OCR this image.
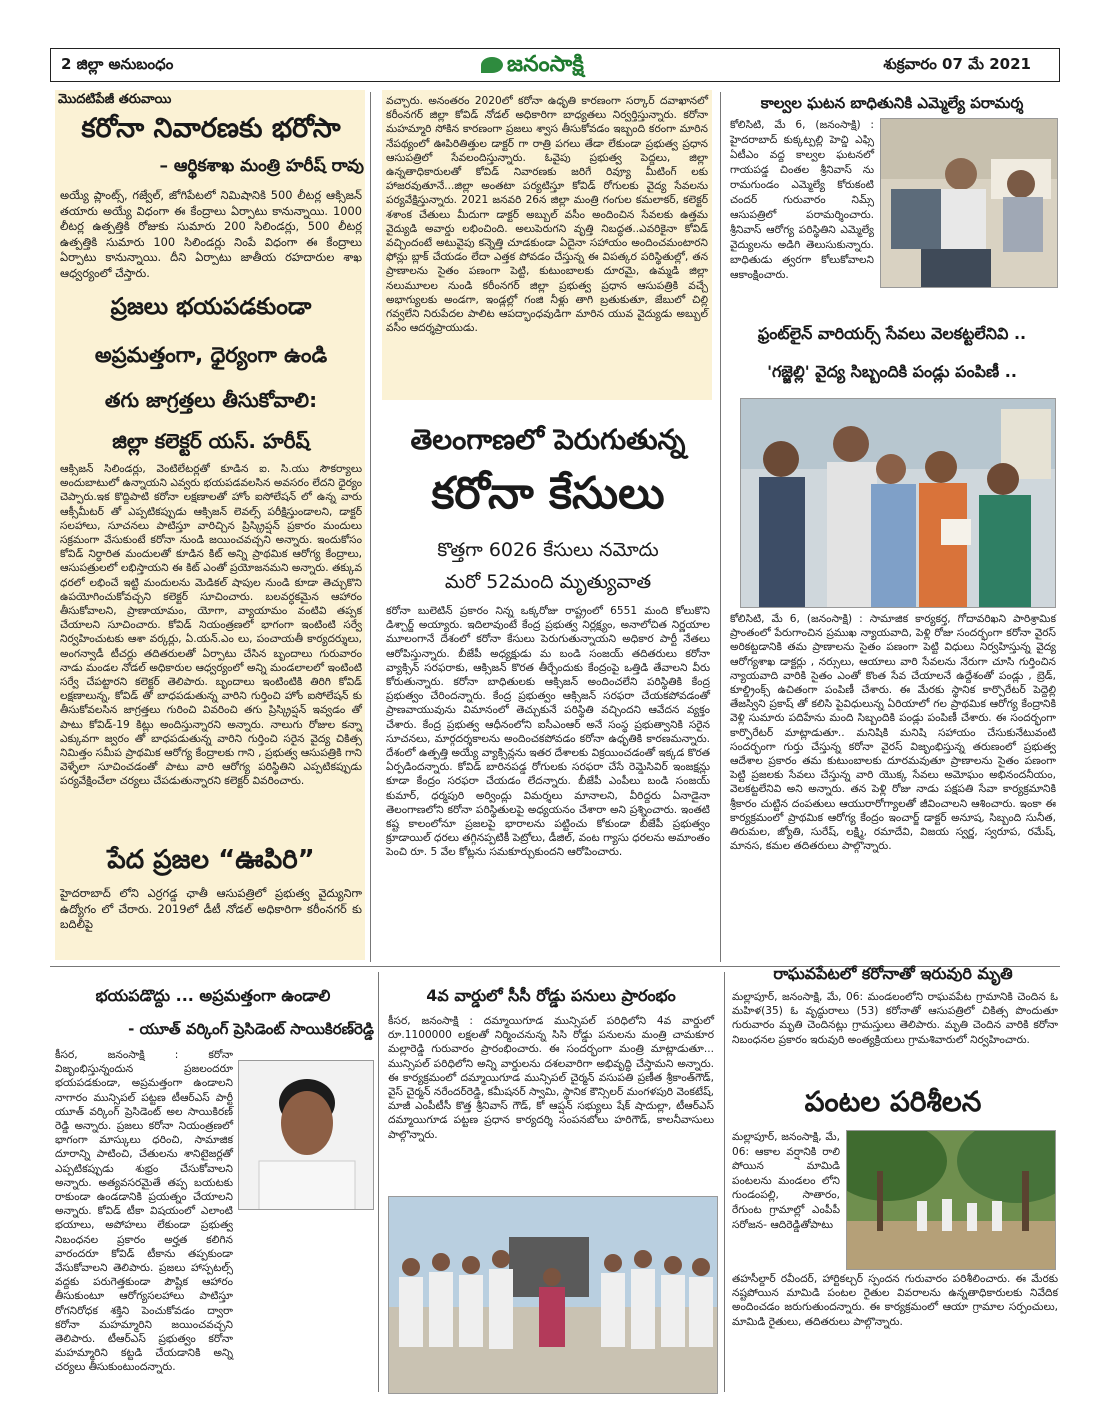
2 జిల్లా అనుబంధం	జనంసాక్షి	శుక్రవారం 07 మే 2021
మొదటిపేజీ తరువాయి
కరోనా నివారణకు భరోసా
– ఆర్థికశాఖ మంత్రి హరీష్ రావు

అయ్యే ప్లాంట్స్, గజ్వేల్, జోగిపేటలో నిమిషానికి 500 లీటర్ల ఆక్సిజన్ తయారు అయ్యే విధంగా ఈ కేంద్రాలు ఏర్పాటు కానున్నాయి. 1000 లీటర్ల ఉత్పత్తికి రోజుకు సుమారు 200 సిలిండర్లు, 500 లీటర్ల ఉత్పత్తికి సుమారు 100 సిలిండర్లు నింపే విధంగా ఈ కేంద్రాలు ఏర్పాటు కానున్నాయి. దీని ఏర్పాటు జాతీయ రహదారుల శాఖ ఆధ్వర్యంలో చేస్తారు.

ప్రజలు భయపడకుండా
అప్రమత్తంగా, ధైర్యంగా ఉండి
తగు జాగ్రత్తలు తీసుకోవాలి:
జిల్లా కలెక్టర్ యస్. హరీష్

ఆక్సిజన్ సిలిండర్లు, వెంటిలేటర్లతో కూడిన ఐ. సి.యు సౌకర్యాలు అందుబాటులో ఉన్నాయని ఎవ్వరు భయపడవలసిన అవసరం లేదని ధైర్యం చెప్పారు.ఇక కొద్దిపాటి కరోనా లక్షణాలతో హోం ఐసోలేషన్ లో ఉన్న వారు ఆక్సీమీటర్ తో ఎప్పటికప్పుడు ఆక్సిజన్ లెవల్స్ పరీక్షిస్తుండాలని, డాక్టర్ సలహాలు, సూచనలు పాటిస్తూ వారిచ్చిన ప్రిస్క్రిప్షన్ ప్రకారం మందులు సక్రమంగా వేసుకుంటే కరోనా నుండి జయించవచ్చని అన్నారు. ఇందుకోసం కోవిడ్ నిర్ధారిత మందులతో కూడిన కిట్ అన్ని ప్రాథమిక ఆరోగ్య కేంద్రాలు, ఆసుపత్రులలో లభిస్తాయని ఈ కిట్ ఎంతో ప్రయోజనమని అన్నారు. తక్కువ ధరలో లభించే ఇట్టి మందులను మెడికల్ షాపుల నుండి కూడా తెచ్చుకొని ఉపయోగించుకోవచ్చని కలెక్టర్ సూచించారు. బలవర్ధకమైన ఆహారం తీసుకోవాలని, ప్రాణాయామం, యోగా, వ్యాయామం వంటివి తప్పక చేయాలని సూచించారు. కోవిడ్ నియంత్రణలో భాగంగా ఇంటింటి సర్వే నిర్వహించుటకు ఆశా వర్కర్లు, ఏ.యన్.ఎం లు, పంచాయతీ కార్యదర్శులు, అంగన్వాడీ టీచర్లు తదితరులతో ఏర్పాటు చేసిన బృందాలు గురువారం నాడు మండల నోడల్ అధికారుల ఆధ్వర్యంలో అన్ని మండలాలలో ఇంటింటి సర్వే చేపట్టారని కలెక్టర్ తెలిపారు. బృందాలు ఇంటింటికి తిరిగి కోవిడ్ లక్షణాలున్న, కోవిడ్ తో బాధపడుతున్న వారిని గుర్తించి హోం ఐసోలేషన్ కు తీసుకోవలసిన జాగ్రత్తలు గురించి వివరించి తగు ప్రిస్క్రిప్షన్ ఇవ్వడం తో పాటు కోవిడ్-19 కిట్లు అందిస్తున్నారని అన్నారు. నాలుగు రోజుల కన్నా ఎక్కువగా జ్వరం తో బాధపడుతున్న వారిని గుర్తించి సరైన వైద్య చికిత్స నిమిత్తం సమీప ప్రాథమిక ఆరోగ్య కేంద్రాలకు గాని , ప్రభుత్వ ఆసుపత్రికి గాని వెళ్ళేలా సూచించడంతో పాటు వారి ఆరోగ్య పరిస్థితిని ఎప్పటికప్పుడు పర్యవేక్షించేలా చర్యలు చేపడుతున్నారని కలెక్టర్ వివరించారు.

పేద ప్రజల “ఊపిరి”

హైదరాబాద్ లోని ఎర్రగడ్డ ఛాతీ ఆసుపత్రిలో ప్రభుత్వ వైద్యునిగా ఉద్యోగం లో చేరారు. 2019లో డీటీ నోడల్ అధికారిగా కరీంనగర్ కు బదిలీపై

వచ్చారు. అనంతరం 2020లో కరోనా ఉధృతి కారణంగా సర్కార్ దవాఖానలో కరీంనగర్ జిల్లా కోవిడ్ నోడల్ అధికారిగా బాధ్యతలు నిర్వర్తిస్తున్నారు. కరోనా మహమ్మారి సోకిన కారణంగా ప్రజలు శ్వాస తీసుకోవడం ఇబ్బంది కరంగా మారిన నేపథ్యంలో ఊపిరితిత్తుల డాక్టర్ గా రాత్రి పగలు తేడా లేకుండా ప్రభుత్వ ప్రధాన ఆసుపత్రిలో సేవలందిస్తున్నారు. ఓవైపు ప్రభుత్వ పెద్దలు, జిల్లా ఉన్నతాధికారులతో కోవిడ్ నివారణకు జరిగే రివ్యూ మీటింగ్ లకు హాజరవుతూనే...జిల్లా అంతటా పర్యటిస్తూ కోవిడ్ రోగులకు వైద్య సేవలను పర్యవేక్షిస్తున్నారు. 2021 జనవరి 26న జిల్లా మంత్రి గంగుల కమలాకర్, కలెక్టర్ శశాంక చేతులు మీదుగా డాక్టర్ అబ్బుల్ వసీం అందించిన సేవలకు ఉత్తమ వైద్యుడి అవార్డు లభించింది. అలుపెరుగని వృత్తి నిబద్ధత..ఎవరికైనా కోవిడ్ వచ్చిందంటే అటువైపు కన్నెత్తి చూడకుండా ఏదైనా సహాయం అందించమంటారని ఫోన్లు బ్లాక్ చేయడం లేదా ఎత్తక పోవడం చేస్తున్న ఈ విపత్కర పరిస్థితుల్లో, తన ప్రాణాలను సైతం పణంగా పెట్టి, కుటుంబాలకు దూరమై, ఉమ్మడి జిల్లా నలుమూలల నుండి కరీంనగర్ జిల్లా ప్రభుత్వ ప్రధాన ఆసుపత్రికి వచ్చే అభాగ్యులకు అండగా, ఇండ్లల్లో గంజి నీళ్లు తాగి బ్రతుకుతూ, జేబులో చిల్లి గవ్వలేని నిరుపేదల పాలిట ఆపద్భాంధవుడిగా మారిన యువ వైద్యుడు అబ్బుల్ వసీం ఆదర్శప్రాయుడు.

తెలంగాణలో పెరుగుతున్న
కరోనా కేసులు
కొత్తగా 6026 కేసులు నమోదు
మరో 52మంది మృత్యువాత

కరోనా బులెటిన్ ప్రకారం నిన్న ఒక్కరోజు రాష్ట్రంలో 6551 మంది కోలుకొని డిశ్చార్జ్ అయ్యారు. ఇదిలావుంటే కేంద్ర ప్రభుత్వ నిర్లక్ష్యం, అనాలోచిత నిర్ణయాల మూలంగానే దేశంలో కరోనా కేసులు పెరుగుతున్నాయని అధికార పార్టీ నేతలు ఆరోపిస్తున్నారు. బీజేపీ అధ్యక్షుడు మ బండి సంజయ్ తదితరులు కరోనా వ్యాక్సిన్ సరఫరాకు, ఆక్సిజన్ కొరత తీర్చేందుకు కేంద్రంపై ఒత్తిడి తేవాలని వీరు కోరుతున్నారు. కరోనా బాధితులకు ఆక్సిజన్ అందించలేని పరిస్థితికి కేంద్ర ప్రభుత్వం చేరిందన్నారు. కేంద్ర ప్రభుత్వం ఆక్సిజన్ సరఫరా చేయకపోవడంతో ప్రాణవాయువును విమానంలో తెచ్చుకునే పరిస్థితి వచ్చిందని ఆవేదన వ్యక్తం చేశారు. కేంద్ర ప్రభుత్వ ఆధీనంలోని ఐసీఎంఆర్ అనే సంస్థ ప్రభుత్వానికి సరైన సూచనలు, మార్గదర్శకాలను అందించకపోవడం కరోనా ఉధృతికి కారణమన్నారు. దేశంలో ఉత్పత్తి అయ్యే వ్యాక్సిన్లను ఇతర దేశాలకు విక్రయించడంతో ఇక్కడ కొరత ఏర్పడిందన్నారు. కోవిడ్ బారినపడ్డ రోగులకు సరఫరా చేసే రెమ్డెసివిర్ ఇంజక్షన్లు కూడా కేంద్రం సరఫరా చేయడం లేదన్నారు. బీజేపీ ఎంపీలు బండి సంజయ్ కుమార్, ధర్మపురి అర్వింద్లు విమర్శలు మానాలని, వీరిద్దరు ఏనాడైనా తెలంగాణలోని కరోనా పరిస్థితులపై అధ్యయనం చేశారా అని ప్రశ్నించారు. ఇంతటి కష్ట కాలంలోనూ ప్రజలపై భారాలను పట్టించు కోకుండా బీజేపీ ప్రభుత్వం క్రూడాయిల్ ధరలు తగ్గినప్పటికీ పెట్రోలు, డీజిల్, వంట గ్యాసు ధరలను అమాంతం పెంచి రూ. 5 వేల కోట్లను సమకూర్చుకుందని ఆరోపించారు.

కాల్వల ఘటన బాధితునికి ఎమ్మెల్యే పరామర్శ

కోలిసిటి, మే 6, (జనంసాక్షి) : హైదరాబాద్ కుక్కట్పల్లి హెచ్డి ఎఫ్సి ఏటీఎం వద్ద కాల్వల ఘటనలో గాయపడ్డ చింతల శ్రీనివాస్ ను రామగుండం ఎమ్మెల్యే కోరుకంటి చందర్ గురువారం నిమ్స్ ఆసుపత్రిలో పరామర్శించారు. శ్రీనివాస్ ఆరోగ్య పరిస్థితిని ఎమ్మెల్యే వైద్యులను అడిగి తెలుసుకున్నారు. బాధితుడు త్వరగా కోలుకోవాలని ఆకాంక్షించారు.

ఫ్రంట్‌లైన్ వారియర్స్ సేవలు వెలకట్టలేనివి ..
'గజ్జెల్లి' వైద్య సిబ్బందికి పండ్లు పంపిణీ ..

కోలిసిటి, మే 6, (జనంసాక్షి) : సామాజిక కార్యకర్త, గోదావరిఖని పారిశ్రామిక ప్రాంతంలో పేరుగాంచిన ప్రముఖ న్యాయవాది, పెళ్లి రోజు సందర్భంగా కరోనా వైరస్ అరికట్టడానికి తమ ప్రాణాలను సైతం పణంగా పెట్టి విధులు నిర్వహిస్తున్న వైద్య ఆరోగ్యశాఖ డాక్టర్లు , నర్సులు, ఆయాలు వారి సేవలను నేరుగా చూసి గుర్తించిన న్యాయవాది వారికి సైతం ఎంతో కొంత సేవ చేయాలనే ఉద్దేశంతో పండ్లు , బ్రెడ్, కూల్డ్రింక్స్ ఉచితంగా పంపిణీ చేశారు. ఈ మేరకు స్థానిక కార్పొరేటర్ పెద్దెల్లి తేజస్విని ప్రకాష్ తో కలిసి పైవిధులున్న ఏరియాలో గల ప్రాథమిక ఆరోగ్య కేంద్రానికి వెళ్లి సుమారు పదిహేను మంది సిబ్బందికి పండ్లు పంపిణీ చేశారు. ఈ సందర్భంగా కార్పొరేటర్ మాట్లాడుతూ.. మనిషికి మనిషి సహాయం చేసుకునేటువంటి సందర్భంగా గుర్తు చేస్తున్న కరోనా వైరస్ విజృంభిస్తున్న తరుణంలో ప్రభుత్వ ఆదేశాల ప్రకారం తమ కుటుంబాలకు దూరమవుతూ ప్రాణాలను సైతం పణంగా పెట్టి ప్రజలకు సేవలు చేస్తున్న వారి యొక్క సేవలు అమోఘం అభినందనీయం, వెలకట్టలేనివి అని అన్నారు. తన పెళ్లి రోజు నాడు పక్షపతి సేవా కార్యక్రమానికి శ్రీకారం చుట్టిన దంపతులు ఆయురారోగ్యాలతో జీవించాలని ఆశించారు. ఇంకా ఈ కార్యక్రమంలో ప్రాథమిక ఆరోగ్య కేంద్రం ఇంచార్జ్ డాక్టర్ అనూష, సిబ్బంది సునీత, తిరుమల, జ్యోతి, సురేష్, లక్ష్మి, రమాదేవి, విజయ స్వర్ణ, స్వరూప, రమేష్, మానస, కమల తదితరులు పాల్గొన్నారు.

భయపడొద్దు ... అప్రమత్తంగా ఉండాలి
- యూత్ వర్కింగ్ ప్రెసిడెంట్ సాయికిరణ్‌రెడ్డి

కీసర, జనంసాక్షి : కరోనా విజృంభిస్తున్నందున ప్రజలందరూ భయపడకుండా, అప్రమత్తంగా ఉండాలని నాగారం మున్సిపల్ పట్టణ టీఆర్ఎస్ పార్టీ యూత్ వర్కింగ్ ప్రెసిడెంట్ అల సాయికిరణ్ రెడ్డి అన్నారు. ప్రజలు కరోనా నియంత్రణలో భాగంగా మాస్కులు ధరించి, సామాజిక దూరాన్ని పాటించి, చేతులను శానిటైజర్లతో ఎప్పటికప్పుడు శుభ్రం చేసుకోవాలని అన్నారు. అత్యవసరమైతే తప్ప బయటకు రాకుండా ఉండడానికి ప్రయత్నం చేయాలని అన్నారు. కోవిడ్ టీకా విషయంలో ఎలాంటి భయాలు, అపోహలు లేకుండా ప్రభుత్వ నిబంధనల ప్రకారం అర్హత కలిగిన వారందరూ కోవిడ్ టీకాను తప్పకుండా వేసుకోవాలని తెలిపారు. ప్రజలు హాస్పటల్స్ వద్దకు పరుగెత్తకుండా పౌష్టిక ఆహారం తీసుకుంటూ ఆరోగ్యసలహాలు పాటిస్తూ రోగనిరోధక శక్తిని పెంచుకోవడం ద్వారా కరోనా మహమ్మారిని జయించవచ్చని తెలిపారు. టీఆర్ఎస్ ప్రభుత్వం కరోనా మహమ్మారిని కట్టడి చేయడానికి అన్ని చర్యలు తీసుకుంటుందన్నారు.

4వ వార్డులో సీసీ రోడ్డు పనులు ప్రారంభం

కీసర, జనంసాక్షి : దమ్మాయిగూడ మున్సిపల్ పరిధిలోని 4వ వార్డులో రూ.1100000 లక్షలతో నిర్మించనున్న సిసి రోడ్డు పనులను మంత్రి చామకూర మల్లారెడ్డి గురువారం ప్రారంభించారు. ఈ సందర్భంగా మంత్రి మాట్లాడుతూ... మున్సిపల్ పరిధిలోని అన్ని వార్డులను దశలవారిగా అభివృద్ధి చేస్తామని అన్నారు. ఈ కార్యక్రమంలో దమ్మాయిగూడ మున్సిపల్ చైర్మన్ వసుపతి ప్రణీత శ్రీకాంత్‌గౌడ్, వైస్ చైర్మన్ నరేందర్‌రెడ్డి, కమీషనర్ స్వామి, స్థానిక కౌన్సిలర్ మంగళపురి వెంకటేష్, మాజీ ఎంపీటీసీ కొత్త శ్రీనివాస్ గౌడ్, కో ఆప్షన్ సభ్యులు షేక్ షాదుల్లా, టీఆర్ఎస్ దమ్మాయిగూడ పట్టణ ప్రధాన కార్యదర్శి సంపనబోలు హరిగౌడ్, కాలనీవాసులు పాల్గొన్నారు.

రాఘవపేటలో కరోనాతో ఇరువురి మృతి

మల్లాపూర్, జనంసాక్షి, మే, 06: మండలంలోని రాఘవపేట గ్రామానికి చెందిన ఓ మహిళ(35) ఓ వృద్ధురాలు (53) కరోనాతో ఆసుపత్రిలో చికిత్స పొందుతూ గురువారం మృతి చెందినట్లు గ్రామస్తులు తెలిపారు. మృతి చెందిన వారికి కరోనా నిబంధనల ప్రకారం ఇరువురి అంత్యక్రియలు గ్రామశివారులో నిర్వహించారు.

పంటల పరిశీలన

మల్లాపూర్, జనంసాక్షి, మే, 06: ఆకాల వర్షానికి రాలి పోయిన మామిడి పంటలను మండలం లోని గుండంపల్లి, సాతారం, రేగుంట గ్రామాల్లో ఎంపీపీ సరోజన- ఆదిరెడ్డితోపాటు

తహసీల్దార్ రవీందర్, హార్టికల్చర్ స్పందన గురువారం పరిశీలించారు. ఈ మేరకు నష్టపోయిన మామిడి పంటల రైతుల వివరాలను ఉన్నతాధికారులకు నివేదిక అందించడం జరుగుతుందన్నారు. ఈ కార్యక్రమంలో ఆయా గ్రామాల సర్పంచులు, మామిడి రైతులు, తదితరులు పాల్గొన్నారు.
